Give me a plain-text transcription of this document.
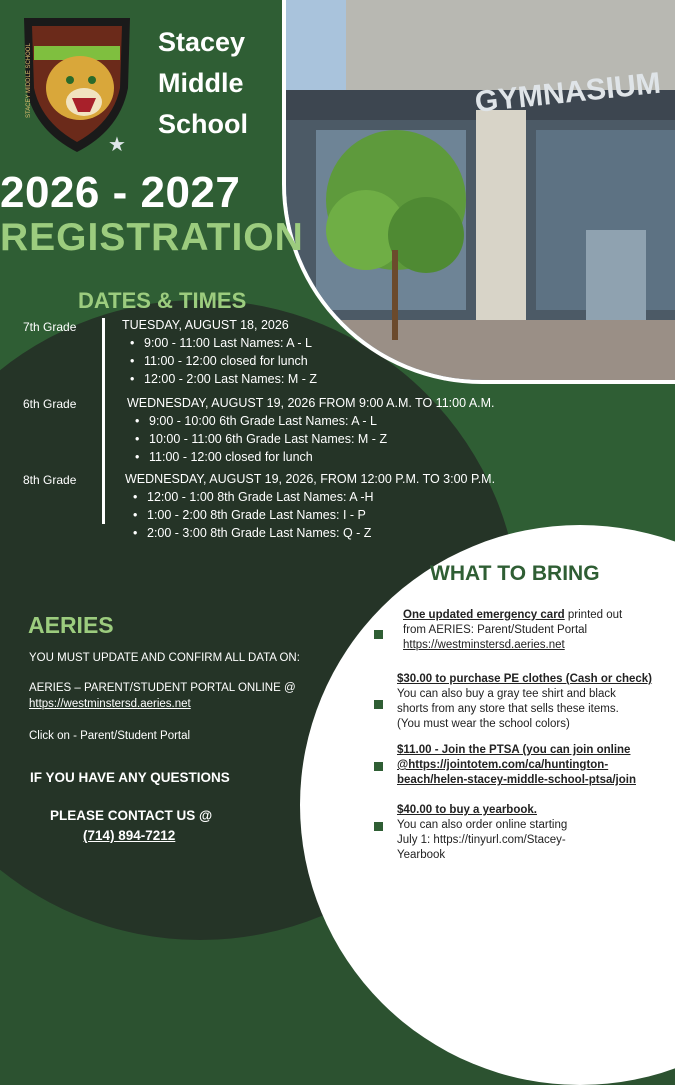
GYMNASIUM
STACEY MIDDLE SCHOOL
★
Stacey
Middle
School
2026 - 2027
REGISTRATION
DATES & TIMES
7th Grade	TUESDAY, AUGUST 18, 2026
• 9:00 - 11:00 Last Names: A - L
• 11:00 - 12:00 closed for lunch
• 12:00 - 2:00 Last Names: M - Z
6th Grade	WEDNESDAY, AUGUST 19, 2026 FROM 9:00 A.M. TO 11:00 A.M.
• 9:00 - 10:00 6th Grade Last Names: A - L
• 10:00 - 11:00 6th Grade Last Names: M - Z
• 11:00 - 12:00 closed for lunch
8th Grade	WEDNESDAY, AUGUST 19, 2026, FROM 12:00 P.M. TO 3:00 P.M.
• 12:00 - 1:00 8th Grade Last Names: A -H
• 1:00 - 2:00 8th Grade Last Names: I - P
• 2:00 - 3:00 8th Grade Last Names: Q - Z
AERIES
YOU MUST UPDATE AND CONFIRM ALL DATA ON:
AERIES – PARENT/STUDENT PORTAL ONLINE @
https://westminstersd.aeries.net
Click on - Parent/Student Portal
IF YOU HAVE ANY QUESTIONS
PLEASE CONTACT US @
(714) 894-7212
WHAT TO BRING
One updated emergency card printed out
from AERIES: Parent/Student Portal
https://westminstersd.aeries.net
$30.00 to purchase PE clothes (Cash or check)
You can also buy a gray tee shirt and black
shorts from any store that sells these items.
(You must wear the school colors)
$11.00 - Join the PTSA (you can join online
@https://jointotem.com/ca/huntington-
beach/helen-stacey-middle-school-ptsa/join
$40.00 to buy a yearbook.
You can also order online starting
July 1: https://tinyurl.com/Stacey-
Yearbook
